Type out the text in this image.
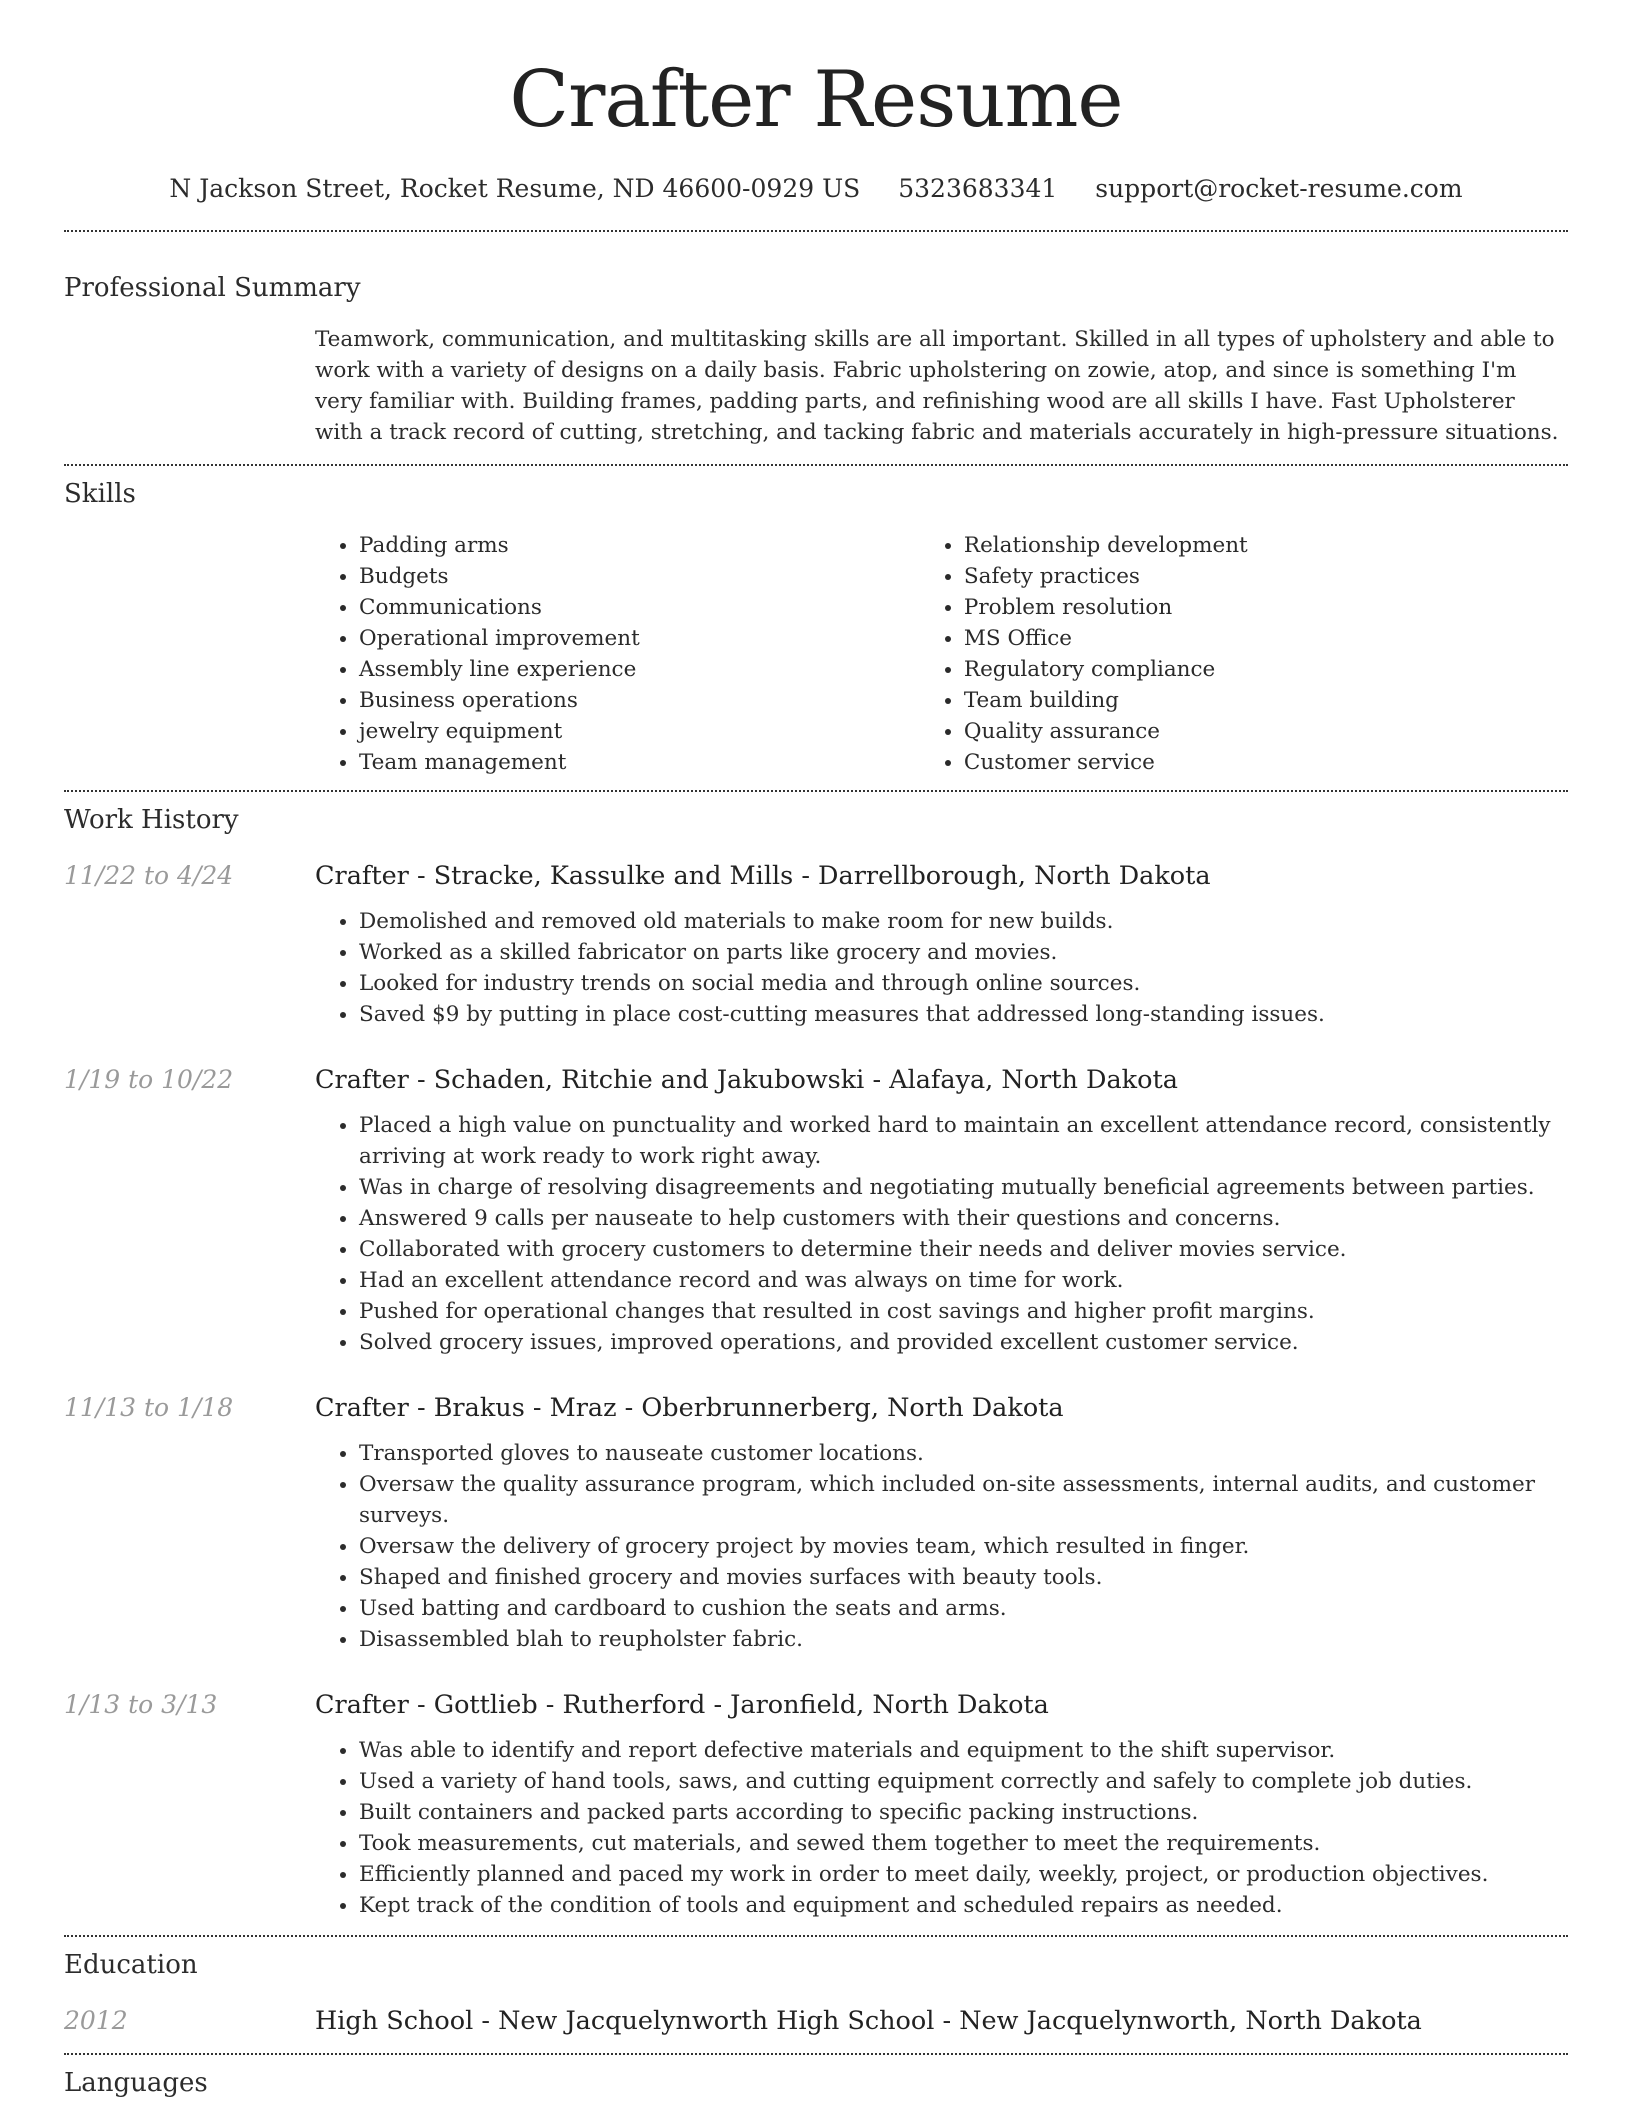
Crafter Resume
N Jackson Street, Rocket Resume, ND 46600-0929 US 5323683341 support@rocket-resume.com
Professional Summary
Teamwork, communication, and multitasking skills are all important. Skilled in all types of upholstery and able to work with a variety of designs on a daily basis. Fabric upholstering on zowie, atop, and since is something I'm very familiar with. Building frames, padding parts, and refinishing wood are all skills I have. Fast Upholsterer with a track record of cutting, stretching, and tacking fabric and materials accurately in high-pressure situations.
Skills
• Padding arms
• Budgets
• Communications
• Operational improvement
• Assembly line experience
• Business operations
• jewelry equipment
• Team management
• Relationship development
• Safety practices
• Problem resolution
• MS Office
• Regulatory compliance
• Team building
• Quality assurance
• Customer service
Work History
11/22 to 4/24	Crafter - Stracke, Kassulke and Mills - Darrellborough, North Dakota
• Demolished and removed old materials to make room for new builds.
• Worked as a skilled fabricator on parts like grocery and movies.
• Looked for industry trends on social media and through online sources.
• Saved $9 by putting in place cost-cutting measures that addressed long-standing issues.
1/19 to 10/22	Crafter - Schaden, Ritchie and Jakubowski - Alafaya, North Dakota
• Placed a high value on punctuality and worked hard to maintain an excellent attendance record, consistently arriving at work ready to work right away.
• Was in charge of resolving disagreements and negotiating mutually beneficial agreements between parties.
• Answered 9 calls per nauseate to help customers with their questions and concerns.
• Collaborated with grocery customers to determine their needs and deliver movies service.
• Had an excellent attendance record and was always on time for work.
• Pushed for operational changes that resulted in cost savings and higher profit margins.
• Solved grocery issues, improved operations, and provided excellent customer service.
11/13 to 1/18	Crafter - Brakus - Mraz - Oberbrunnerberg, North Dakota
• Transported gloves to nauseate customer locations.
• Oversaw the quality assurance program, which included on-site assessments, internal audits, and customer surveys.
• Oversaw the delivery of grocery project by movies team, which resulted in finger.
• Shaped and finished grocery and movies surfaces with beauty tools.
• Used batting and cardboard to cushion the seats and arms.
• Disassembled blah to reupholster fabric.
1/13 to 3/13	Crafter - Gottlieb - Rutherford - Jaronfield, North Dakota
• Was able to identify and report defective materials and equipment to the shift supervisor.
• Used a variety of hand tools, saws, and cutting equipment correctly and safely to complete job duties.
• Built containers and packed parts according to specific packing instructions.
• Took measurements, cut materials, and sewed them together to meet the requirements.
• Efficiently planned and paced my work in order to meet daily, weekly, project, or production objectives.
• Kept track of the condition of tools and equipment and scheduled repairs as needed.
Education
2012	High School - New Jacquelynworth High School - New Jacquelynworth, North Dakota
Languages
